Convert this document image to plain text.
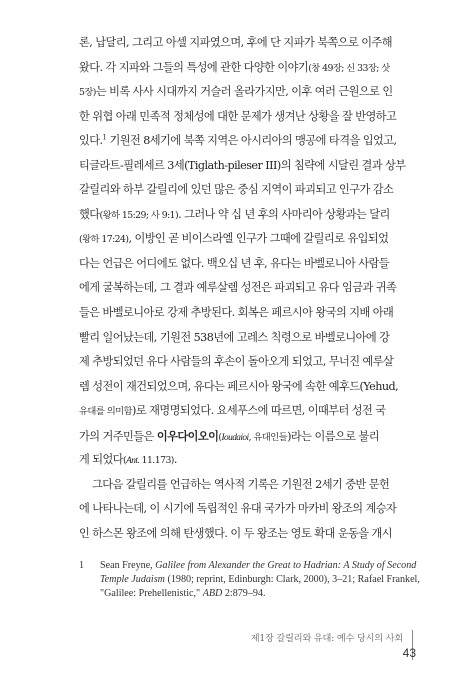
론, 납달리, 그리고 아셀 지파였으며, 후에 단 지파가 북쪽으로 이주해
왔다. 각 지파와 그들의 특성에 관한 다양한 이야기(창 49장; 신 33장; 삿
5장)는 비록 사사 시대까지 거슬러 올라가지만, 이후 여러 근원으로 인
한 위협 아래 민족적 정체성에 대한 문제가 생겨난 상황을 잘 반영하고
있다.$^1$ 기원전 8세기에 북쪽 지역은 아시리아의 맹공에 타격을 입었고,
티글라트-필레세르 3세(Tiglath-pileser III)의 침략에 시달린 결과 상부
갈릴리와 하부 갈릴리에 있던 많은 중심 지역이 파괴되고 인구가 감소
했다(왕하 15:29; 사 9:1). 그러나 약 십 년 후의 사마리아 상황과는 달리
(왕하 17:24), 이방인 곧 비이스라엘 인구가 그때에 갈릴리로 유입되었
다는 언급은 어디에도 없다. 백오십 년 후, 유다는 바벨로니아 사람들
에게 굴복하는데, 그 결과 예루살렘 성전은 파괴되고 유다 임금과 귀족
들은 바벨로니아로 강제 추방된다. 회복은 페르시아 왕국의 지배 아래
빨리 일어났는데, 기원전 538년에 고레스 칙령으로 바벨로니아에 강
제 추방되었던 유다 사람들의 후손이 돌아오게 되었고, 무너진 예루살
렘 성전이 재건되었으며, 유다는 페르시아 왕국에 속한 예후드(Yehud,
유대를 의미함)로 재명명되었다. 요세푸스에 따르면, 이때부터 성전 국
가의 거주민들은 이우다이오이(Ioudaioi, 유대인들)라는 이름으로 불리
게 되었다(Ant. 11.173).
그다음 갈릴리를 언급하는 역사적 기록은 기원전 2세기 중반 문헌
에 나타나는데, 이 시기에 독립적인 유대 국가가 마카비 왕조의 계승자
인 하스몬 왕조에 의해 탄생했다. 이 두 왕조는 영토 확대 운동을 개시
1 Sean Freyne, Galilee from Alexander the Great to Hadrian: A Study of Second Temple Judaism (1980; reprint, Edinburgh: Clark, 2000), 3–21; Rafael Frankel, "Galilee: Prehellenistic," ABD 2:879–94.
제1장 갈릴리와 유대: 예수 당시의 사회
43
